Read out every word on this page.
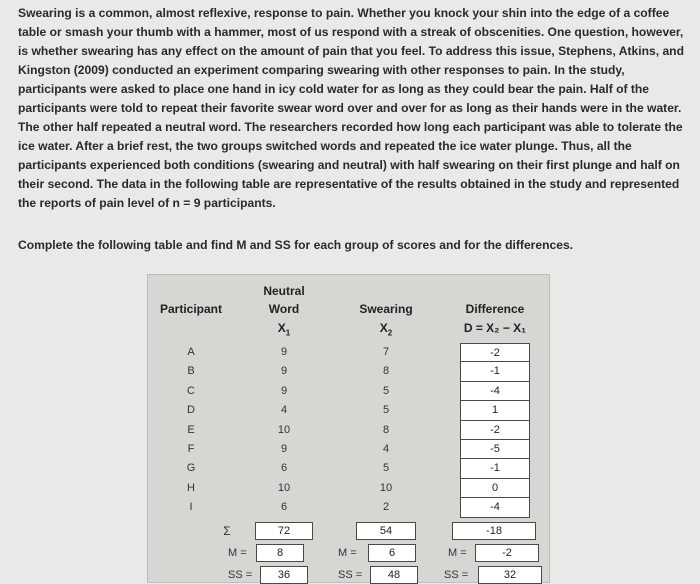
Swearing is a common, almost reflexive, response to pain. Whether you knock your shin into the edge of a coffee table or smash your thumb with a hammer, most of us respond with a streak of obscenities. One question, however, is whether swearing has any effect on the amount of pain that you feel. To address this issue, Stephens, Atkins, and Kingston (2009) conducted an experiment comparing swearing with other responses to pain. In the study, participants were asked to place one hand in icy cold water for as long as they could bear the pain. Half of the participants were told to repeat their favorite swear word over and over for as long as their hands were in the water. The other half repeated a neutral word. The researchers recorded how long each participant was able to tolerate the ice water. After a brief rest, the two groups switched words and repeated the ice water plunge. Thus, all the participants experienced both conditions (swearing and neutral) with half swearing on their first plunge and half on their second. The data in the following table are representative of the results obtained in the study and represented the reports of pain level of n = 9 participants.
Complete the following table and find M and SS for each group of scores and for the differences.
Participant
Neutral
Word
$X_1$
Swearing
$X_2$
Difference
D = X₂ − X₁
A	9	7	-2
B	9	8	-1
C	9	5	-4
D	4	5	1
E	10	8	-2
F	9	4	-5
G	6	5	-1
H	10	10	0
I	6	2	-4
Σ	72	54	-18
M =	8	M =	6	M =	-2
SS =	36	SS =	48	SS =	32
